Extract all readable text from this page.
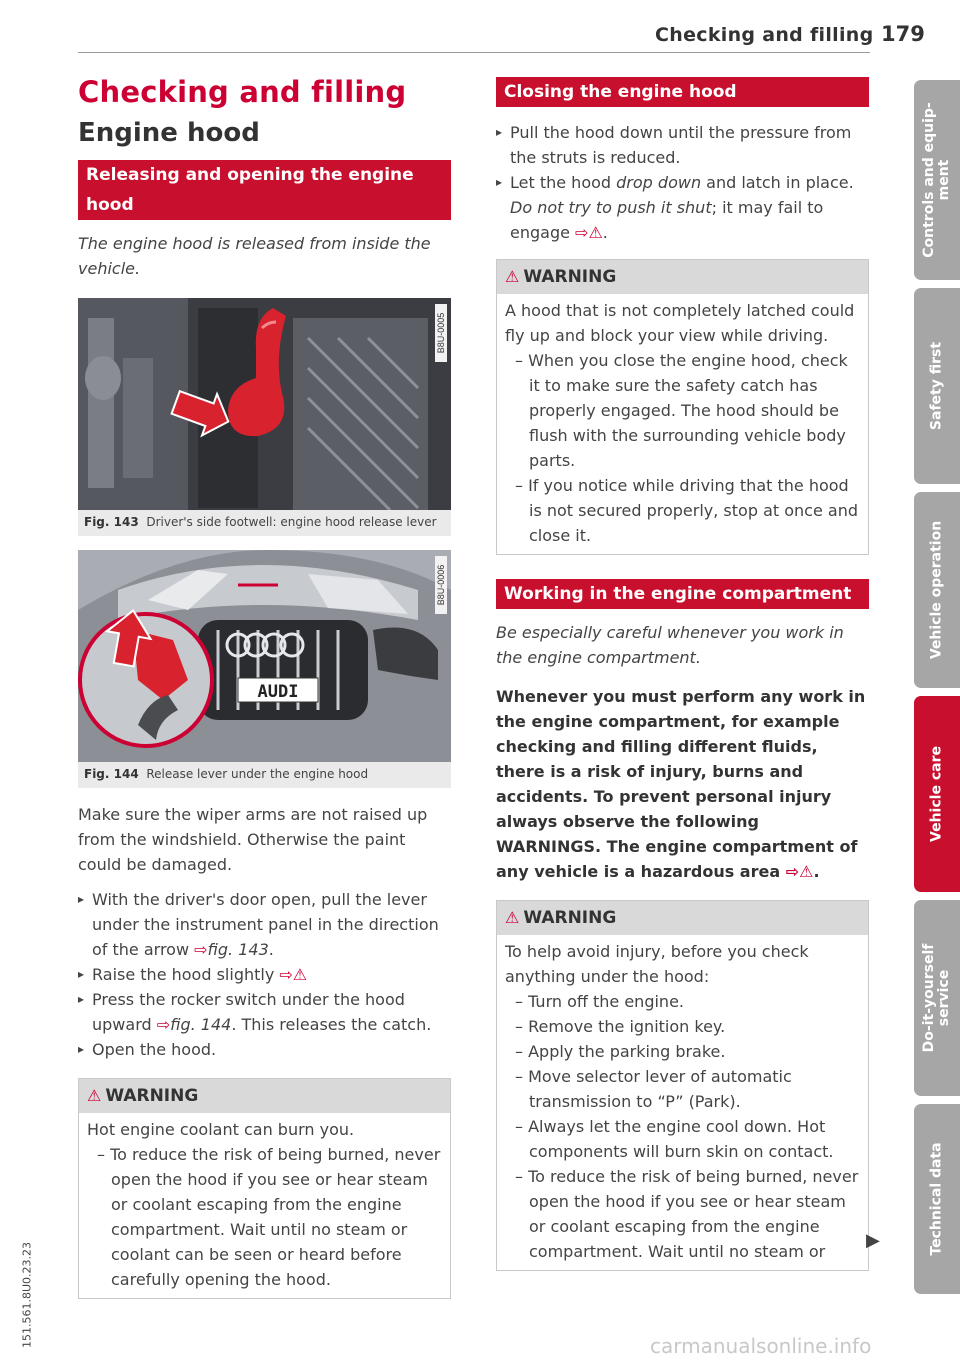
Checking and filling 179
Checking and filling
Engine hood
Releasing and opening the engine hood

The engine hood is released from inside the vehicle.

B8U-0005
Fig. 143 Driver's side footwell: engine hood release lever
AUDI
B8U-0006
Fig. 144 Release lever under the engine hood

Make sure the wiper arms are not raised up from the windshield. Otherwise the paint could be damaged.

▸ With the driver's door open, pull the lever under the instrument panel in the direction of the arrow ⇨fig. 143.
▸ Raise the hood slightly ⇨⚠
▸ Press the rocker switch under the hood upward ⇨fig. 144. This releases the catch.
▸ Open the hood.
⚠ WARNING

Hot engine coolant can burn you.

– To reduce the risk of being burned, never open the hood if you see or hear steam or coolant escaping from the engine compartment. Wait until no steam or coolant can be seen or heard before carefully opening the hood.

Closing the engine hood
▸ Pull the hood down until the pressure from the struts is reduced.
▸ Let the hood drop down and latch in place. Do not try to push it shut; it may fail to engage ⇨⚠.
⚠ WARNING

A hood that is not completely latched could fly up and block your view while driving.

– When you close the engine hood, check it to make sure the safety catch has properly engaged. The hood should be flush with the surrounding vehicle body parts.

– If you notice while driving that the hood is not secured properly, stop at once and close it.

Working in the engine compartment

Be especially careful whenever you work in the engine compartment.

Whenever you must perform any work in the engine compartment, for example checking and filling different fluids, there is a risk of injury, burns and accidents. To prevent personal injury always observe the following WARNINGS. The engine compartment of any vehicle is a hazardous area ⇨⚠.

⚠ WARNING

To help avoid injury, before you check anything under the hood:

– Turn off the engine.

– Remove the ignition key.

– Apply the parking brake.

– Move selector lever of automatic transmission to “P” (Park).

– Always let the engine cool down. Hot components will burn skin on contact.

– To reduce the risk of being burned, never open the hood if you see or hear steam or coolant escaping from the engine compartment. Wait until no steam or

▶
Controls and equip-
ment
Safety first
Vehicle operation
Vehicle care
Do-it-yourself
service
Technical data
151.561.8U0.23.23	carmanualsonline.info
